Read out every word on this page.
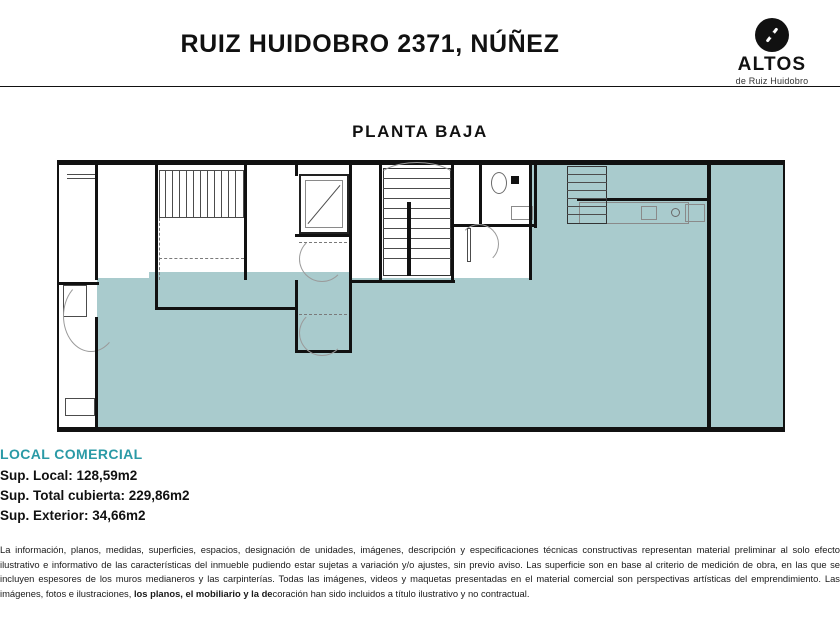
RUIZ HUIDOBRO 2371, NÚÑEZ
ALTOS
de Ruiz Huidobro
PLANTA BAJA
LOCAL COMERCIAL
Sup. Local: 128,59m2
Sup. Total cubierta: 229,86m2
Sup. Exterior: 34,66m2
La información, planos, medidas, superficies, espacios, designación de unidades, imágenes, descripción y especificaciones técnicas constructivas representan material preliminar al solo efecto ilustrativo e informativo de las características del inmueble pudiendo estar sujetas a variación y/o ajustes, sin previo aviso. Las superficie son en base al criterio de medición de obra, en las que se incluyen espesores de los muros medianeros y las carpinterías. Todas las imágenes, videos y maquetas presentadas en el material comercial son perspectivas artísticas del emprendimiento. Las imágenes, fotos e ilustraciones, los planos, el mobiliario y la decoración han sido incluidos a título ilustrativo y no contractual.
